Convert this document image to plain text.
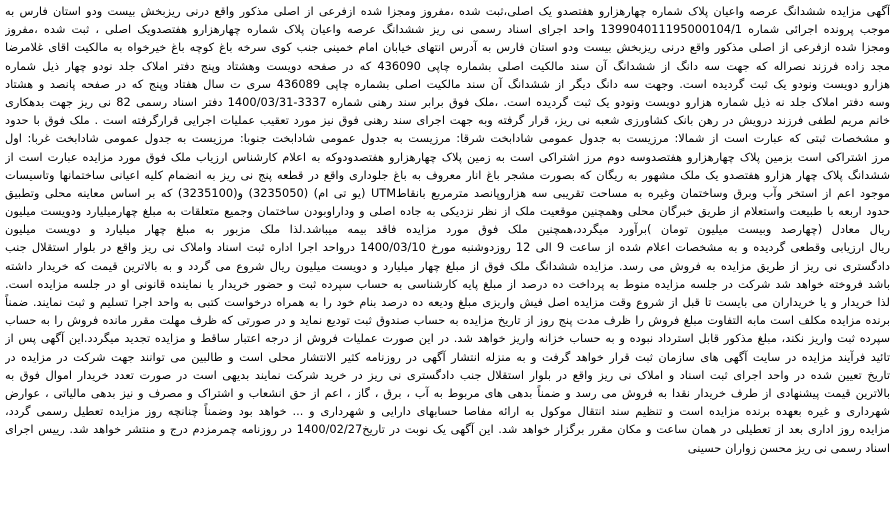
آگهی مزایده ششدانگ عرصه واعیان پلاک شماره چهارهزارو هفتصدو یک اصلی،ثبت شده ،مفروز ومجزا شده ازفرعی از اصلی مذکور واقع درنی ریزبخش بیست ودو استان فارس به
موجب پرونده اجرائی شماره 139904011195000104/1 واحد اجرای اسناد رسمی نی ریز ششدانگ عرصه واعیان پلاک شماره چهارهزارو هفتصدویک اصلی ، ثبت شده ،مفروز
ومجزا شده ازفرعی از اصلی مذکور واقع درنی ریزبخش بیست ودو استان فارس به آدرس انتهای خیابان امام خمینی جنب کوی سرخه باغ کوچه باغ خیرخواه به مالکیت اقای غلامرضا
مجد زاده فرزند نصراله که جهت سه دانگ از ششدانگ آن سند مالکیت اصلی بشماره چاپی 436090 که در صفحه دویست وهشتاد وپنج دفتر املاک جلد نودو چهار ذیل شماره
هزارو دویست ونودو یک ثبت گردیده است. وجهت سه دانگ دیگر از ششدانگ آن سند مالکیت اصلی بشماره چاپی 436089 سری ت سال هفتاد وپنج که در صفحه پانصد و هشتاد
وسه دفتر املاک جلد نه ذیل شماره هزارو دویست ونودو یک ثبت گردیده است. ،ملک فوق برابر سند رهنی شماره 3337-1400/03/31 دفتر اسناد رسمی 82 نی ریز جهت بدهکاری
خانم مریم لطفی فرزند درویش در رهن بانک کشاورزی شعبه نی ریز، قرار گرفته وبه جهت اجرای سند رهنی فوق نیز مورد تعقیب عملیات اجرایی قرارگرفته است . ملک فوق با حدود
و مشخصات ثبتی که عبارت است از شمالا: مرزیست به جدول عمومی شادابخت شرقا: مرزیست به جدول عمومی شادابخت جنوبا: مرزیست به جدول عمومی شادابخت غربا: اول
مرز اشتراکی است بزمین پلاک چهارهزارو هفتصدوسه دوم مرز اشتراکی است به زمین پلاک چهارهزارو هفتصدودوکه به اعلام کارشناس ارزیاب ملک فوق مورد مزایده عبارت است از
ششدانگ پلاک چهار هزارو هفتصدو یک ملک مشهور به ریگان که بصورت مشجر باغ انار معروف به باغ جلوداری واقع در قطعه پنج نی ریز به انضمام کلیه اعیانی ساختمانها وتاسیسات
موجود اعم از استخر وآب وبرق وساختمان وغیره به مساحت تقریبی سه هزاروپانصد مترمربع بانقاطUTM (یو تی ام) (3235050) و(3235100) که بر اساس معاینه محلی وتطبیق
حدود اربعه با طبیعت واستعلام از طریق خبرگان محلی وهمچنین موقعیت ملک از نظر نزدیکی به جاده اصلی و وداراوبودن ساختمان وجمیع متعلقات به مبلغ چهارمیلیارد ودویست میلیون
ریال معادل (چهارصد وبیست میلیون تومان )برآورد میگردد،همچنین ملک فوق مورد مزایده فاقد بیمه میباشد.لذا ملک مزبور به مبلغ چهار میلیارد و دویست میلیون
ریال ارزیابی وقطعی گردیده و به مشخصات اعلام شده از ساعت 9 الی 12 روزدوشنبه مورخ 1400/03/10 درواحد اجرا اداره ثبت اسناد واملاک نی ریز واقع در بلوار استقلال جنب
دادگستری نی ریز از طریق مزایده به فروش می رسد. مزایده ششدانگ ملک فوق از مبلغ چهار میلیارد و دویست میلیون ریال شروع می گردد و به بالاترین قیمت که خریدار داشته
باشد فروخته خواهد شد شرکت در جلسه مزایده منوط به پرداخت ده درصد از مبلغ پایه کارشناسی به حساب سپرده ثبت و حضور خریدار یا نماینده قانونی او در جلسه مزایده است.
لذا خریدار و یا خریداران می بایست تا قبل از شروع وقت مزایده اصل فیش واریزی مبلغ ودیعه ده درصد بنام خود را به همراه درخواست کتبی به واحد اجرا تسلیم و ثبت نمایند. ضمناً
برنده مزایده مکلف است مابه التفاوت مبلغ فروش را ظرف مدت پنج روز از تاریخ مزایده به حساب صندوق ثبت تودیع نماید و در صورتی که ظرف مهلت مقرر مانده فروش را به حساب
سپرده ثبت واریز نکند، مبلغ مذکور قابل استرداد نبوده و به حساب خزانه واریز خواهد شد. در این صورت عملیات فروش از درجه اعتبار ساقط و مزایده تجدید میگردد.این آگهی پس از
تائید فرآیند مزایده در سایت آگهی های سازمان ثبت قرار خواهد گرفت و به منزله انتشار آگهی در روزنامه کثیر الانتشار محلی است و طالبین می توانند جهت شرکت در مزایده در
تاریخ تعیین شده در واحد اجرای ثبت اسناد و املاک نی ریز واقع در بلوار استقلال جنب دادگستری نی ریز در خرید شرکت نمایند بدیهی است در صورت تعدد خریدار اموال فوق به
بالاترین قیمت پیشنهادی از طرف خریدار نقدا به فروش می رسد و ضمناً بدهی های مربوط به آب ، برق ، گاز ، اعم از حق انشعاب و اشتراک و مصرف و نیز بدهی مالیاتی ، عوارض
شهرداری و غیره بعهده برنده مزایده است و تنظیم سند انتقال موکول به ارائه مفاصا حسابهای دارایی و شهرداری و ... خواهد بود وضمناً چنانچه روز مزایده تعطیل رسمی گردد،
مزایده روز اداری بعد از تعطیلی در همان ساعت و مکان مقرر برگزار خواهد شد. این آگهی یک نوبت در تاریخ1400/02/27 در روزنامه چمرمزدم درج و منتشر خواهد شد. رییس اجرای
اسناد رسمی نی ریز محسن زواران حسینی
